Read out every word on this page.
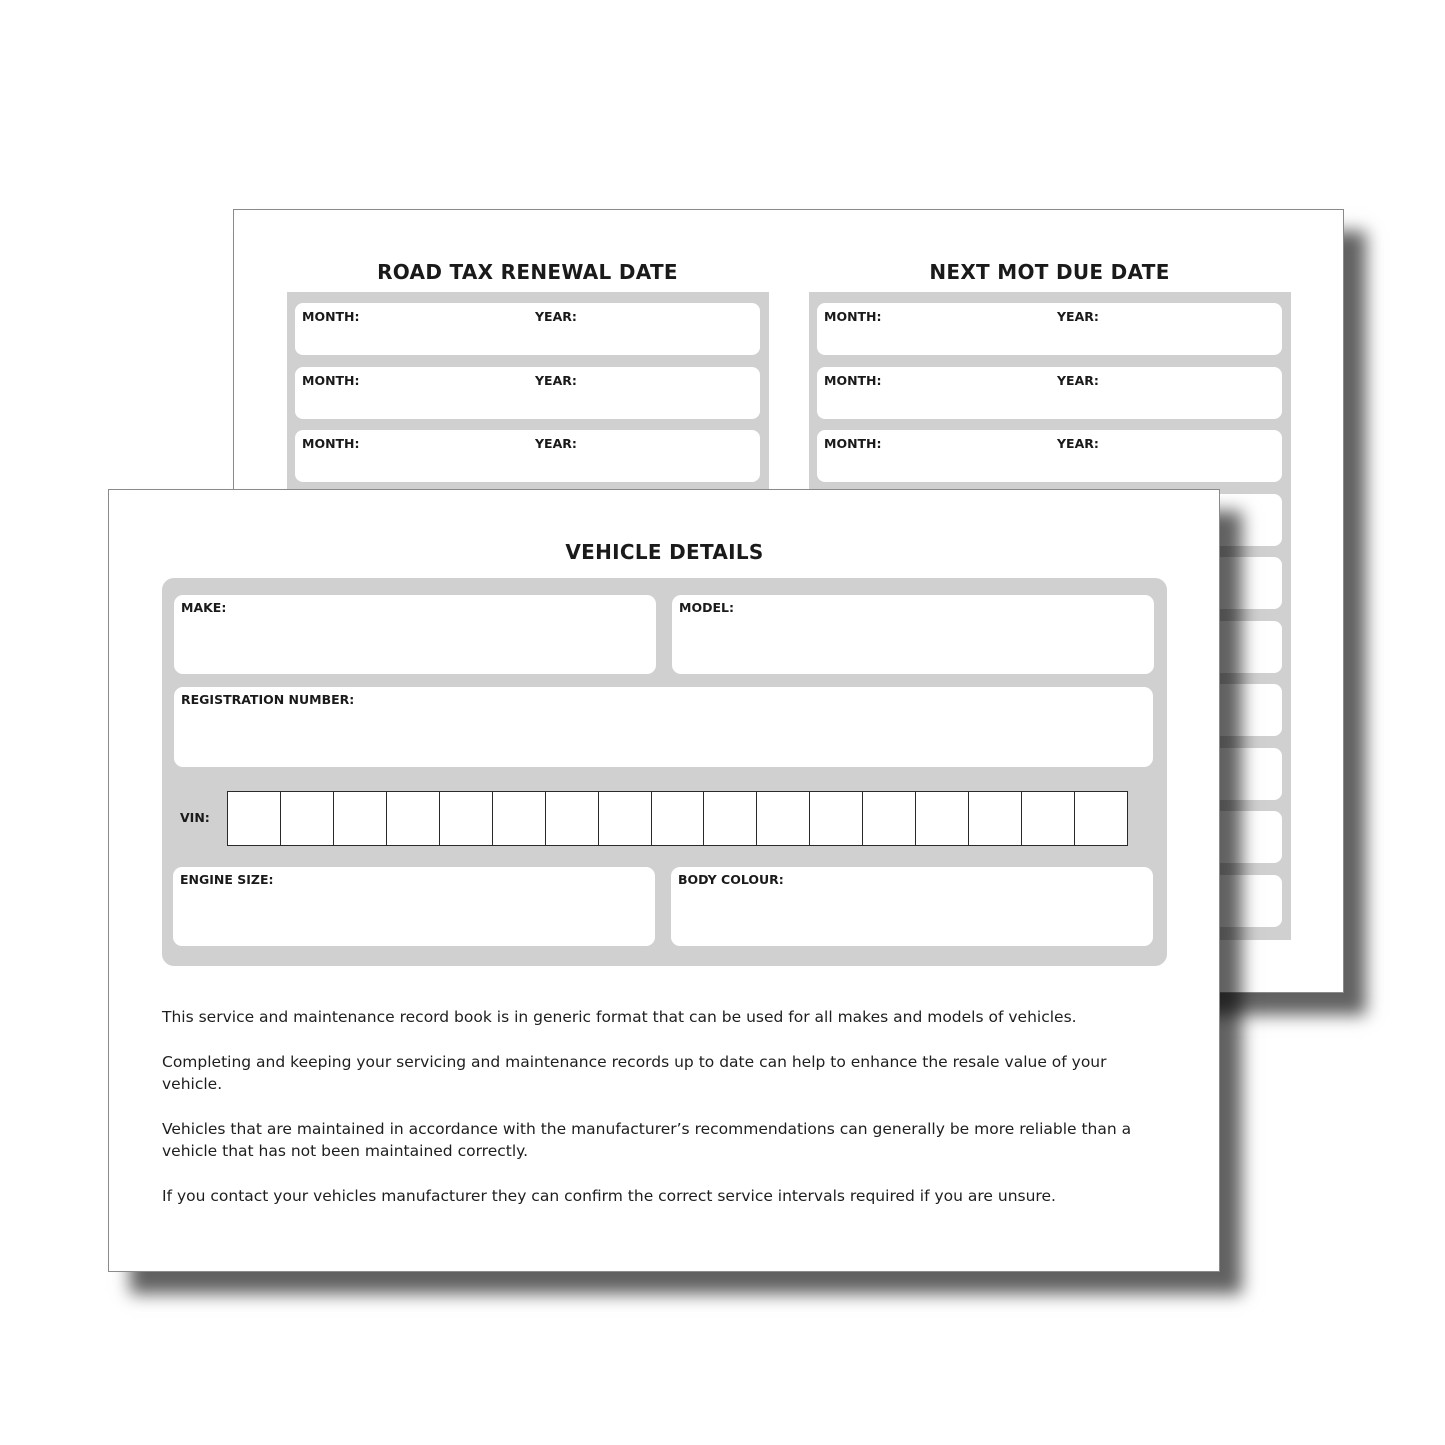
ROAD TAX RENEWAL DATE
MONTH:	YEAR:
MONTH:	YEAR:
MONTH:	YEAR:
NEXT MOT DUE DATE
MONTH:	YEAR:
MONTH:	YEAR:
MONTH:	YEAR:
VEHICLE DETAILS
MAKE:	MODEL:
REGISTRATION NUMBER:
VIN:
ENGINE SIZE:	BODY COLOUR:

This service and maintenance record book is in generic format that can be used for all makes and models of vehicles.

Completing and keeping your servicing and maintenance records up to date can help to enhance the resale value of your vehicle.

Vehicles that are maintained in accordance with the manufacturer’s recommendations can generally be more reliable than a vehicle that has not been maintained correctly.

If you contact your vehicles manufacturer they can confirm the correct service intervals required if you are unsure.
